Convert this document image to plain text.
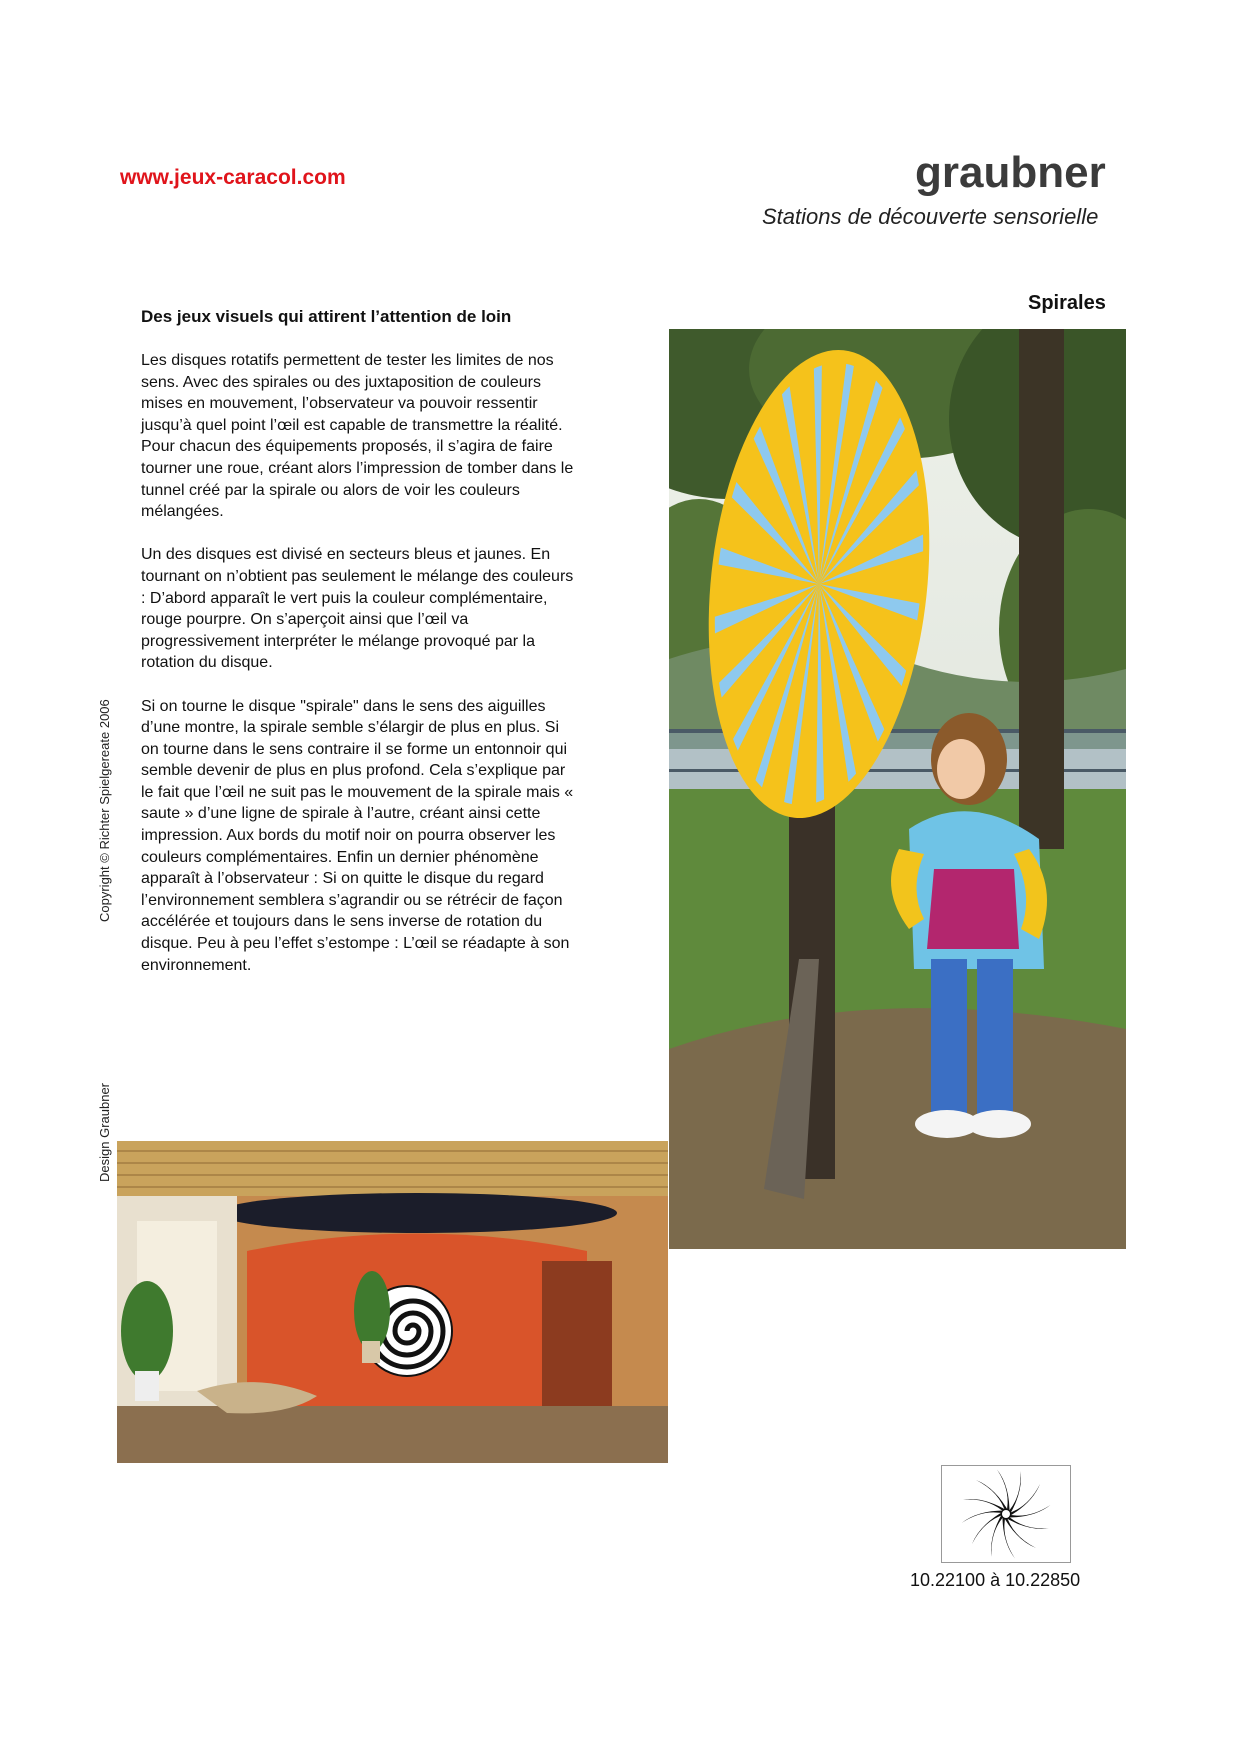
www.jeux-caracol.com	graubner
Stations de découverte sensorielle
Spirales
Des jeux visuels qui attirent l’attention de loin

Les disques rotatifs permettent de tester les limites de nos sens. Avec des spirales ou des juxtaposition de couleurs mises en mouvement, l’observateur va pouvoir ressentir jusqu’à quel point l’œil est capable de transmettre la réalité. Pour chacun des équipements proposés, il s’agira de faire tourner une roue, créant alors l’impression de tomber dans le tunnel créé par la spirale ou alors de voir les couleurs mélangées.

Un des disques est divisé en secteurs bleus et jaunes. En tournant on n’obtient pas seulement le mélange des couleurs : D’abord apparaît le vert puis la couleur complémentaire, rouge pourpre. On s’aperçoit ainsi que l’œil va progressivement interpréter le mélange provoqué par la rotation du disque.

Si on tourne le disque "spirale" dans le sens des aiguilles d’une montre, la spirale semble s’élargir de plus en plus. Si on tourne dans le sens contraire il se forme un entonnoir qui semble devenir de plus en plus profond. Cela s’explique par le fait que l’œil ne suit pas le mouvement de la spirale mais « saute » d’une ligne de spirale à l’autre, créant ainsi cette impression. Aux bords du motif noir on pourra observer les couleurs complémentaires. Enfin un dernier phénomène apparaît à l’observateur : Si on quitte le disque du regard l’environnement semblera s’agrandir ou se rétrécir de façon accélérée et toujours dans le sens inverse de rotation du disque. Peu à peu l’effet s’estompe : L’œil se réadapte à son environnement.

Copyright © Richter Spielgereate 2006
Design Graubner
10.22100 à 10.22850
